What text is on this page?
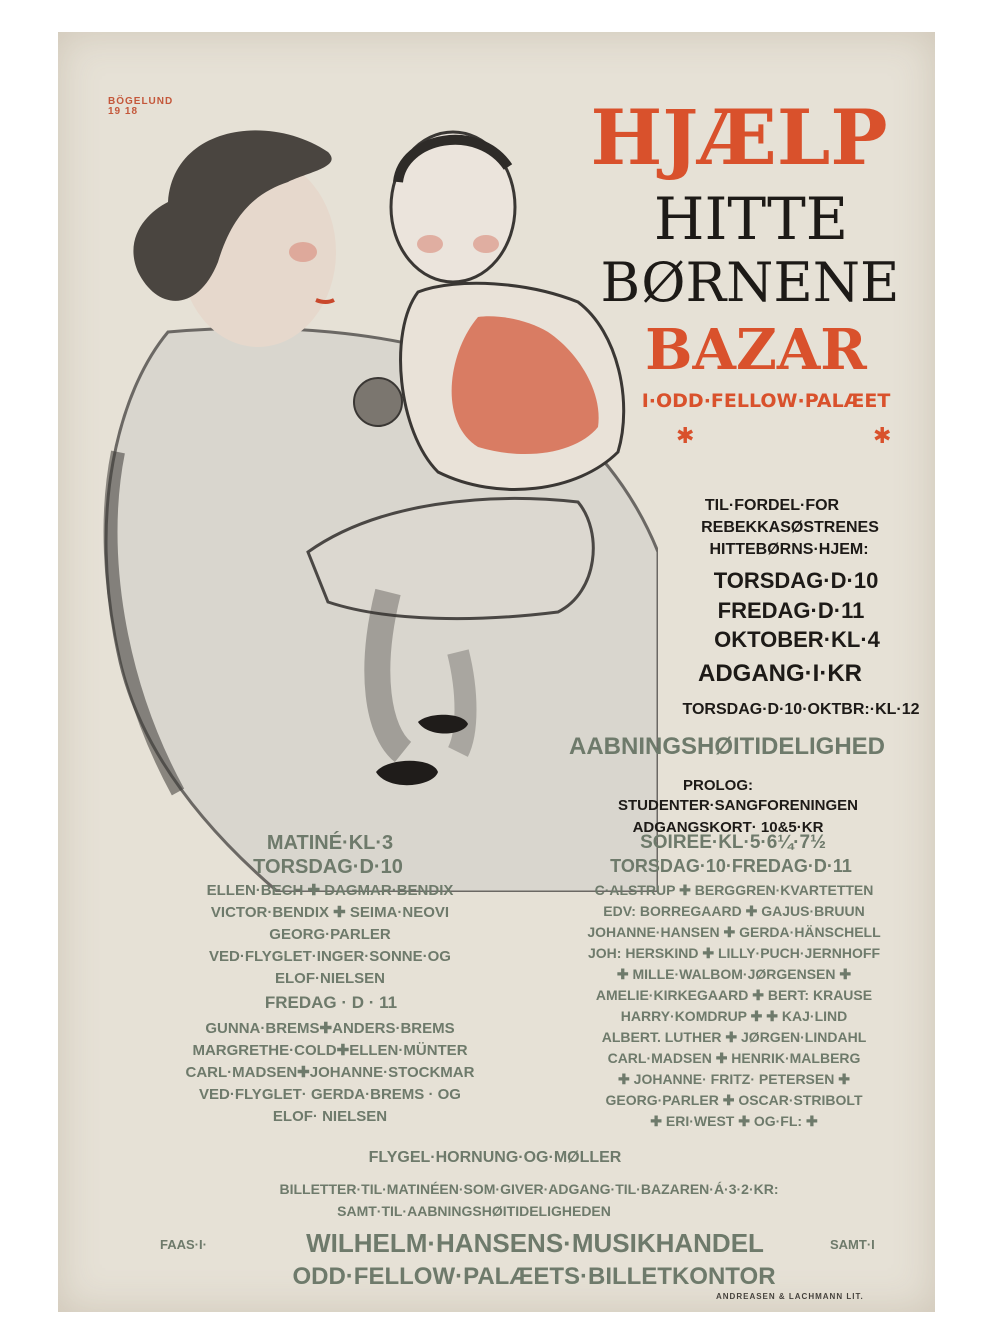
BÖGELUND 19 18	HJÆLP
HITTE
BØRNENE
BAZAR
I·ODD·FELLOW·PALÆET
✱	✱
TIL·FORDEL·FOR
REBEKKASØSTRENES
HITTEBØRNS·HJEM:
TORSDAG·D·10
FREDAG·D·11
OKTOBER·KL·4
ADGANG·I·KR
TORSDAG·D·10·OKTBR:·KL·12
AABNINGSHØITIDELIGHED
PROLOG:
STUDENTER·SANGFORENINGEN
ADGANGSKORT· 10&5·KR
MATINÉ·KL·3
TORSDAG·D·10
ELLEN·BECH ✚ DAGMAR·BENDIX
VICTOR·BENDIX ✚ SEIMA·NEOVI
GEORG·PARLER
VED·FLYGLET·INGER·SONNE·OG
ELOF·NIELSEN
FREDAG · D · 11
GUNNA·BREMS✚ANDERS·BREMS
MARGRETHE·COLD✚ELLEN·MÜNTER
CARL·MADSEN✚JOHANNE·STOCKMAR
VED·FLYGLET· GERDA·BREMS · OG
ELOF· NIELSEN
SOIREE·KL·5·6¼·7½
TORSDAG·10·FREDAG·D·11
C·ALSTRUP ✚ BERGGREN·KVARTETTEN
EDV: BORREGAARD ✚ GAJUS·BRUUN
JOHANNE·HANSEN ✚ GERDA·HÄNSCHELL
JOH: HERSKIND ✚ LILLY·PUCH·JERNHOFF
✚ MILLE·WALBOM·JØRGENSEN ✚
AMELIE·KIRKEGAARD ✚ BERT: KRAUSE
HARRY·KOMDRUP ✚ ✚ KAJ·LIND
ALBERT. LUTHER ✚ JØRGEN·LINDAHL
CARL·MADSEN ✚ HENRIK·MALBERG
✚ JOHANNE· FRITZ· PETERSEN ✚
GEORG·PARLER ✚ OSCAR·STRIBOLT
✚ ERI·WEST ✚ OG·FL: ✚
FLYGEL·HORNUNG·OG·MØLLER
BILLETTER·TIL·MATINÉEN·SOM·GIVER·ADGANG·TIL·BAZAREN·Á·3·2·KR:
SAMT·TIL·AABNINGSHØITIDELIGHEDEN
FAAS·I·	WILHELM·HANSENS·MUSIKHANDEL	SAMT·I
ODD·FELLOW·PALÆETS·BILLETKONTOR
ANDREASEN & LACHMANN LIT.
